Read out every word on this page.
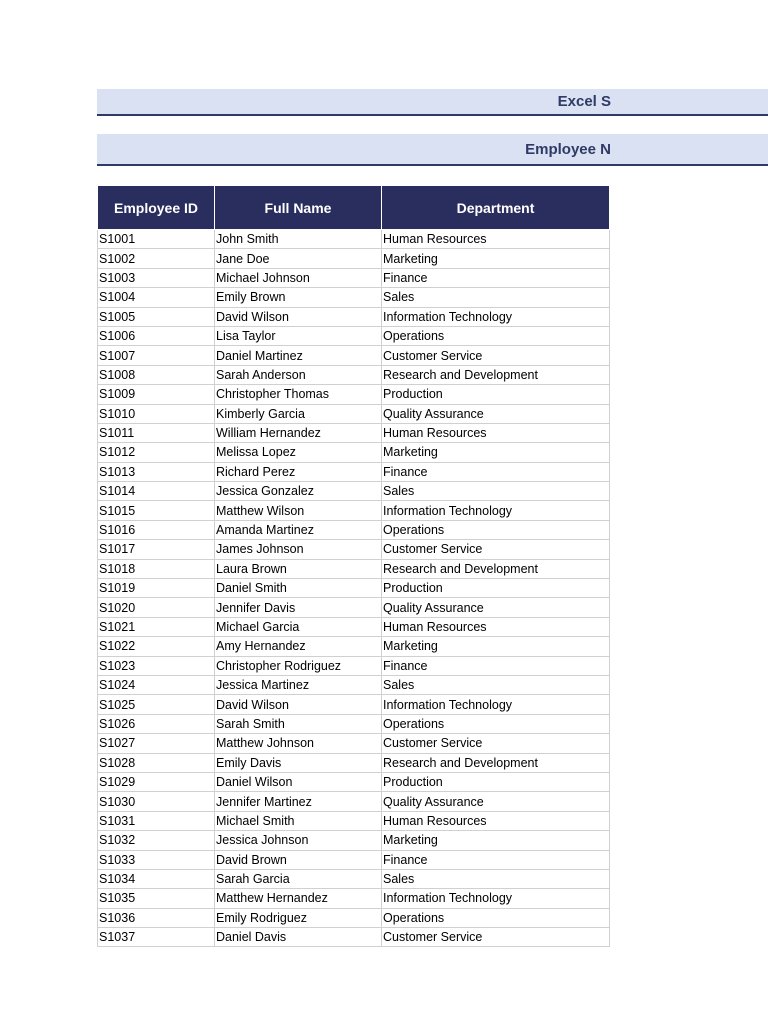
Excel S
Employee N
Employee ID	Full Name	Department
S1001	John Smith	Human Resources
S1002	Jane Doe	Marketing
S1003	Michael Johnson	Finance
S1004	Emily Brown	Sales
S1005	David Wilson	Information Technology
S1006	Lisa Taylor	Operations
S1007	Daniel Martinez	Customer Service
S1008	Sarah Anderson	Research and Development
S1009	Christopher Thomas	Production
S1010	Kimberly Garcia	Quality Assurance
S1011	William Hernandez	Human Resources
S1012	Melissa Lopez	Marketing
S1013	Richard Perez	Finance
S1014	Jessica Gonzalez	Sales
S1015	Matthew Wilson	Information Technology
S1016	Amanda Martinez	Operations
S1017	James Johnson	Customer Service
S1018	Laura Brown	Research and Development
S1019	Daniel Smith	Production
S1020	Jennifer Davis	Quality Assurance
S1021	Michael Garcia	Human Resources
S1022	Amy Hernandez	Marketing
S1023	Christopher Rodriguez	Finance
S1024	Jessica Martinez	Sales
S1025	David Wilson	Information Technology
S1026	Sarah Smith	Operations
S1027	Matthew Johnson	Customer Service
S1028	Emily Davis	Research and Development
S1029	Daniel Wilson	Production
S1030	Jennifer Martinez	Quality Assurance
S1031	Michael Smith	Human Resources
S1032	Jessica Johnson	Marketing
S1033	David Brown	Finance
S1034	Sarah Garcia	Sales
S1035	Matthew Hernandez	Information Technology
S1036	Emily Rodriguez	Operations
S1037	Daniel Davis	Customer Service
